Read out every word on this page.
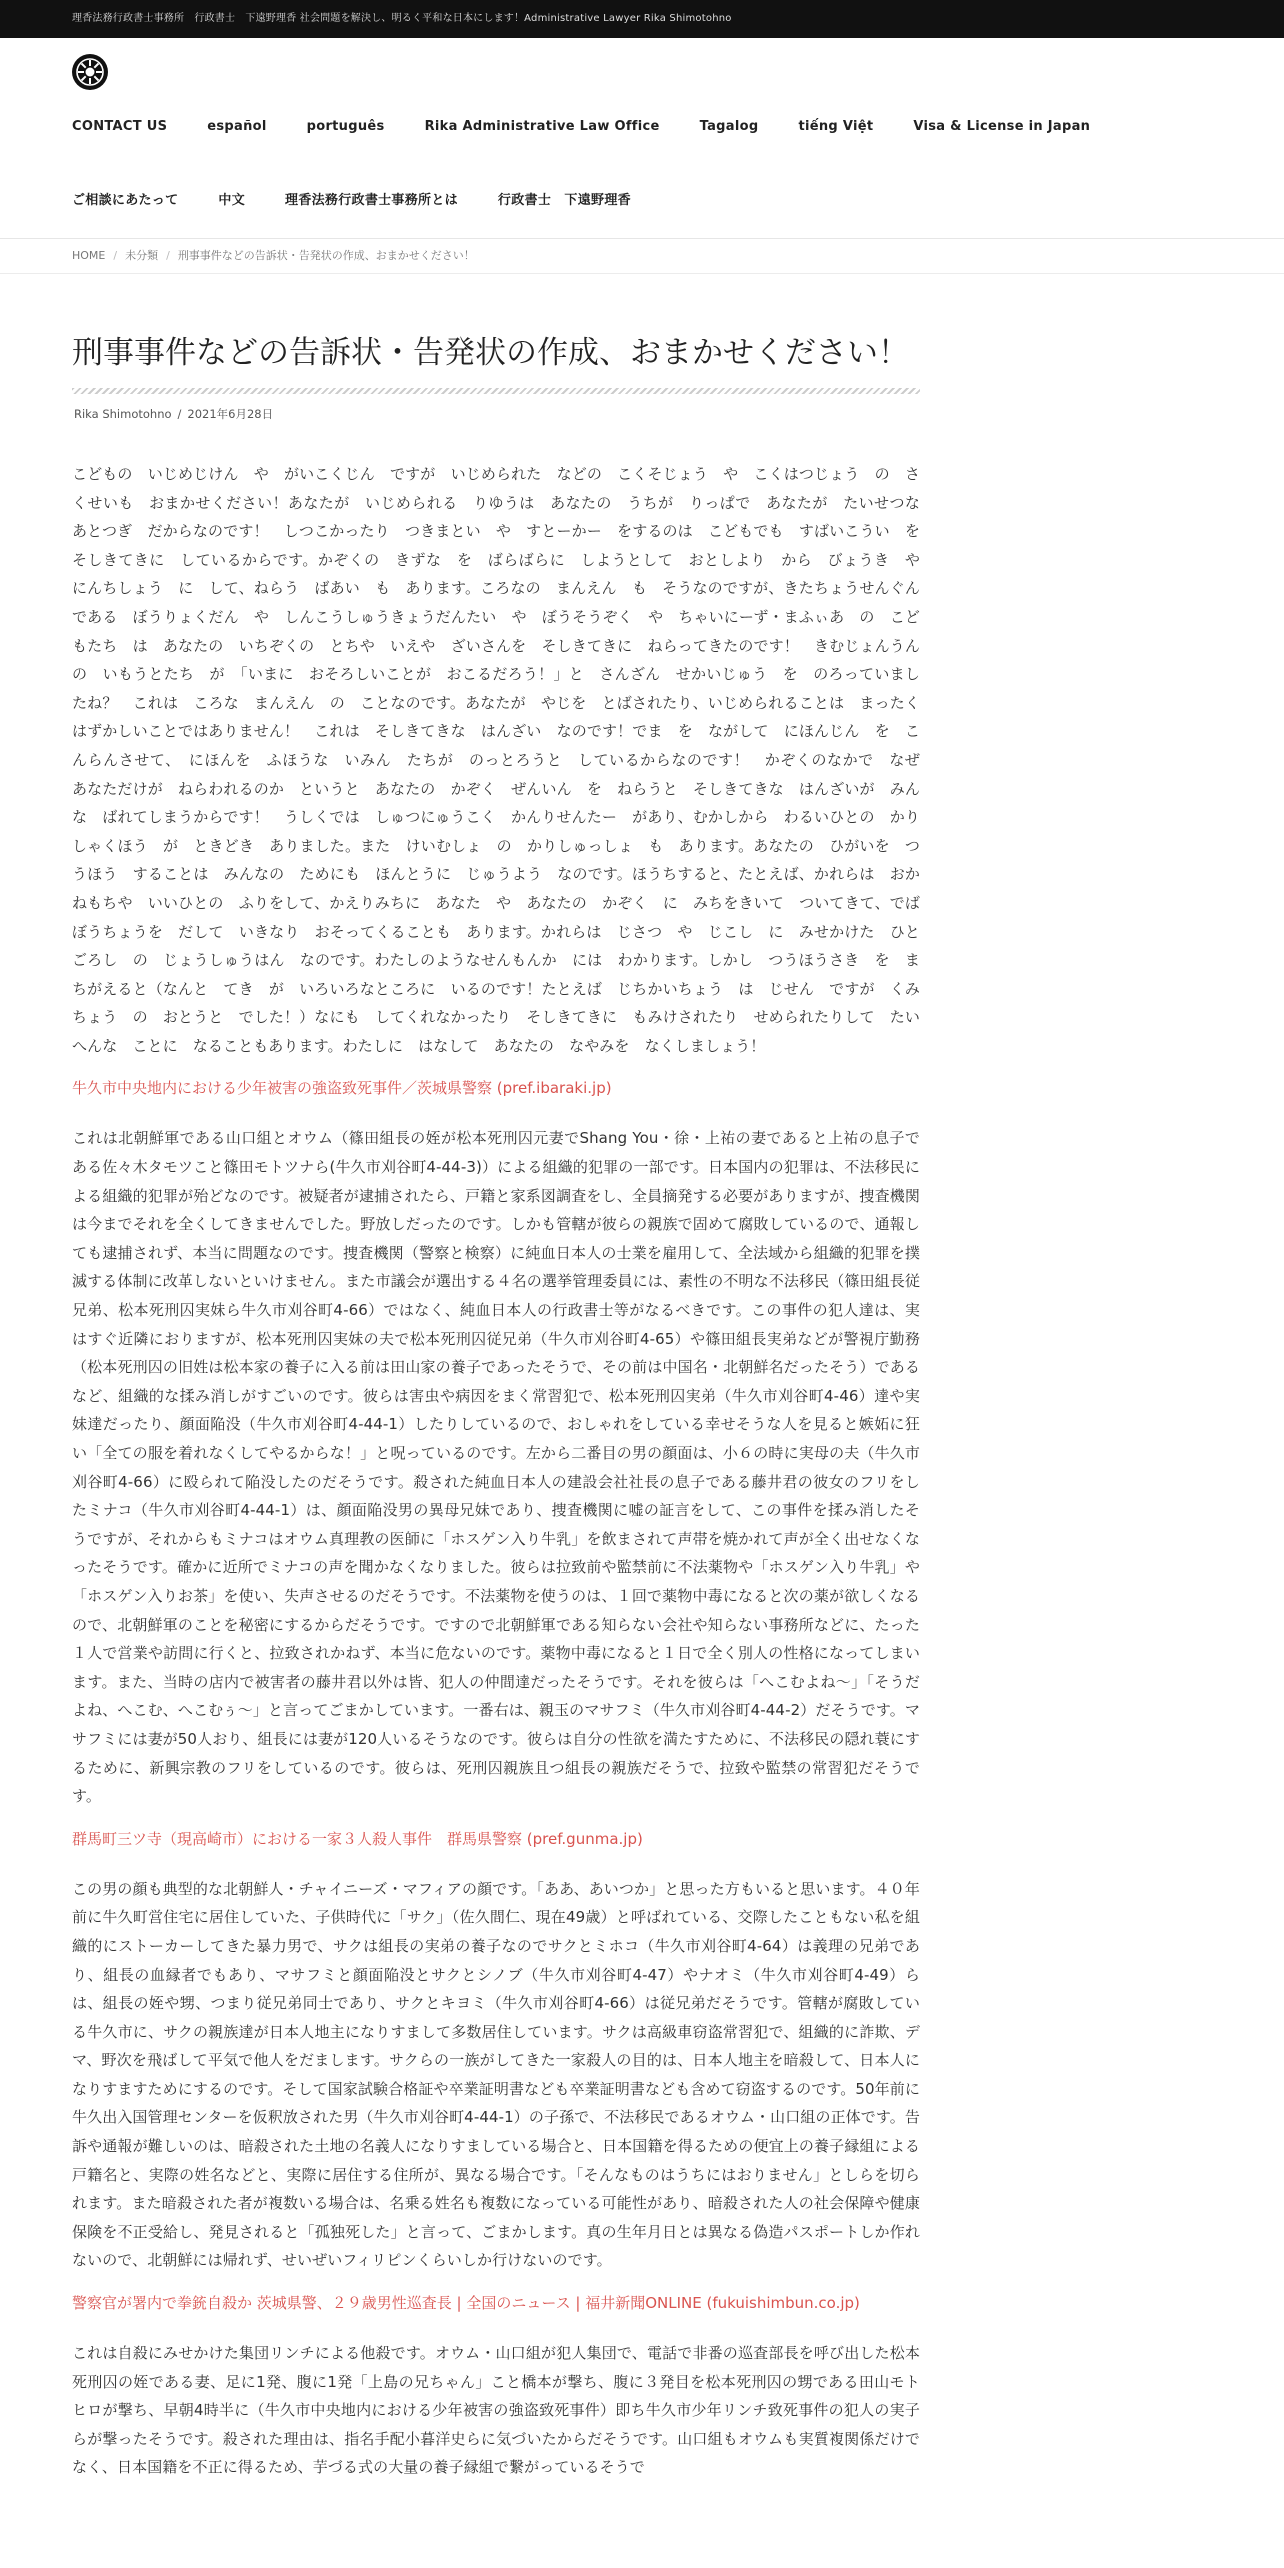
理香法務行政書士事務所　行政書士　下遠野理香 社会問題を解決し、明るく平和な日本にします！Administrative Lawyer Rika Shimotohno
CONTACT US	español	português	Rika Administrative Law Office	Tagalog	tiếng Việt	Visa & License in Japan
ご相談にあたって	中文	理香法務行政書士事務所とは	行政書士　下遠野理香
HOME / 未分類 / 刑事事件などの告訴状・告発状の作成、おまかせください！
刑事事件などの告訴状・告発状の作成、おまかせください！
Rika Shimotohno / 2021年6月28日

こどもの　いじめじけん　や　がいこくじん　ですが　いじめられた　などの　こくそじょう　や　こくはつじょう　の　さくせいも　おまかせください！あなたが　いじめられる　りゆうは　あなたの　うちが　りっぱで　あなたが　たいせつな　あとつぎ　だからなのです！　しつこかったり　つきまとい　や　すとーかー　をするのは　こどもでも　すばいこうい　を　そしきてきに　しているからです。かぞくの　きずな　を　ばらばらに　しようとして　おとしより　から　びょうき　や　にんちしょう　に　して、ねらう　ばあい　も　あります。ころなの　まんえん　も　そうなのですが、きたちょうせんぐん　である　ぼうりょくだん　や　しんこうしゅうきょうだんたい　や　ぼうそうぞく　や　ちゃいにーず・まふぃあ　の　こどもたち　は　あなたの　いちぞくの　とちや　いえや　ざいさんを　そしきてきに　ねらってきたのです！　きむじょんうん　の　いもうとたち　が　「いまに　おそろしいことが　おこるだろう！」と　さんざん　せかいじゅう　を　のろっていましたね？　これは　ころな　まんえん　の　ことなのです。あなたが　やじを　とばされたり、いじめられることは　まったく　はずかしいことではありません！　これは　そしきてきな　はんざい　なのです！でま　を　ながして　にほんじん　を　こんらんさせて、　にほんを　ふほうな　いみん　たちが　のっとろうと　しているからなのです！　かぞくのなかで　なぜ　あなただけが　ねらわれるのか　というと　あなたの　かぞく　ぜんいん　を　ねらうと　そしきてきな　はんざいが　みんな　ばれてしまうからです！　うしくでは　しゅつにゅうこく　かんりせんたー　があり、むかしから　わるいひとの　かりしゃくほう　が　ときどき　ありました。また　けいむしょ　の　かりしゅっしょ　も　あります。あなたの　ひがいを　つうほう　することは　みんなの　ためにも　ほんとうに　じゅうよう　なのです。ほうちすると、たとえば、かれらは　おかねもちや　いいひとの　ふりをして、かえりみちに　あなた　や　あなたの　かぞく　に　みちをきいて　ついてきて、でばぼうちょうを　だして　いきなり　おそってくることも　あります。かれらは　じさつ　や　じこし　に　みせかけた　ひとごろし　の　じょうしゅうはん　なのです。わたしのようなせんもんか　には　わかります。しかし　つうほうさき　を　まちがえると（なんと　てき　が　いろいろなところに　いるのです！たとえば　じちかいちょう　は　じせん　ですが　くみちょう　の　おとうと　でした！）なにも　してくれなかったり　そしきてきに　もみけされたり　せめられたりして　たいへんな　ことに　なることもあります。わたしに　はなして　あなたの　なやみを　なくしましょう！

牛久市中央地内における少年被害の強盗致死事件／茨城県警察 (pref.ibaraki.jp)

これは北朝鮮軍である山口組とオウム（篠田組長の姪が松本死刑囚元妻でShang You・徐・上祐の妻であると上祐の息子である佐々木タモツこと篠田モトツナら(牛久市刈谷町4-44-3)）による組織的犯罪の一部です。日本国内の犯罪は、不法移民による組織的犯罪が殆どなのです。被疑者が逮捕されたら、戸籍と家系図調査をし、全員摘発する必要がありますが、捜査機関は今までそれを全くしてきませんでした。野放しだったのです。しかも管轄が彼らの親族で固めて腐敗しているので、通報しても逮捕されず、本当に問題なのです。捜査機関（警察と検察）に純血日本人の士業を雇用して、全法域から組織的犯罪を撲滅する体制に改革しないといけません。また市議会が選出する４名の選挙管理委員には、素性の不明な不法移民（篠田組長従兄弟、松本死刑囚実妹ら牛久市刈谷町4-66）ではなく、純血日本人の行政書士等がなるべきです。この事件の犯人達は、実はすぐ近隣におりますが、松本死刑囚実妹の夫で松本死刑囚従兄弟（牛久市刈谷町4-65）や篠田組長実弟などが警視庁勤務（松本死刑囚の旧姓は松本家の養子に入る前は田山家の養子であったそうで、その前は中国名・北朝鮮名だったそう）であるなど、組織的な揉み消しがすごいのです。彼らは害虫や病因をまく常習犯で、松本死刑囚実弟（牛久市刈谷町4-46）達や実妹達だったり、顔面陥没（牛久市刈谷町4-44-1）したりしているので、おしゃれをしている幸せそうな人を見ると嫉妬に狂い「全ての服を着れなくしてやるからな！」と呪っているのです。左から二番目の男の顔面は、小６の時に実母の夫（牛久市刈谷町4-66）に殴られて陥没したのだそうです。殺された純血日本人の建設会社社長の息子である藤井君の彼女のフリをしたミナコ（牛久市刈谷町4-44-1）は、顔面陥没男の異母兄妹であり、捜査機関に嘘の証言をして、この事件を揉み消したそうですが、それからもミナコはオウム真理教の医師に「ホスゲン入り牛乳」を飲まされて声帯を焼かれて声が全く出せなくなったそうです。確かに近所でミナコの声を聞かなくなりました。彼らは拉致前や監禁前に不法薬物や「ホスゲン入り牛乳」や「ホスゲン入りお茶」を使い、失声させるのだそうです。不法薬物を使うのは、１回で薬物中毒になると次の薬が欲しくなるので、北朝鮮軍のことを秘密にするからだそうです。ですので北朝鮮軍である知らない会社や知らない事務所などに、たった１人で営業や訪問に行くと、拉致されかねず、本当に危ないのです。薬物中毒になると１日で全く別人の性格になってしまいます。また、当時の店内で被害者の藤井君以外は皆、犯人の仲間達だったそうです。それを彼らは「へこむよね～」「そうだよね、へこむ、へこむぅ～」と言ってごまかしています。一番右は、親玉のマサフミ（牛久市刈谷町4-44-2）だそうです。マサフミには妻が50人おり、組長には妻が120人いるそうなのです。彼らは自分の性欲を満たすために、不法移民の隠れ蓑にするために、新興宗教のフリをしているのです。彼らは、死刑囚親族且つ組長の親族だそうで、拉致や監禁の常習犯だそうです。

群馬町三ツ寺（現高崎市）における一家３人殺人事件　群馬県警察 (pref.gunma.jp)

この男の顔も典型的な北朝鮮人・チャイニーズ・マフィアの顔です。「ああ、あいつか」と思った方もいると思います。４０年前に牛久町営住宅に居住していた、子供時代に「サク」（佐久間仁、現在49歳）と呼ばれている、交際したこともない私を組織的にストーカーしてきた暴力男で、サクは組長の実弟の養子なのでサクとミホコ（牛久市刈谷町4-64）は義理の兄弟であり、組長の血縁者でもあり、マサフミと顔面陥没とサクとシノブ（牛久市刈谷町4-47）やナオミ（牛久市刈谷町4-49）らは、組長の姪や甥、つまり従兄弟同士であり、サクとキヨミ（牛久市刈谷町4-66）は従兄弟だそうです。管轄が腐敗している牛久市に、サクの親族達が日本人地主になりすまして多数居住しています。サクは高級車窃盗常習犯で、組織的に詐欺、デマ、野次を飛ばして平気で他人をだまします。サクらの一族がしてきた一家殺人の目的は、日本人地主を暗殺して、日本人になりすますためにするのです。そして国家試験合格証や卒業証明書なども卒業証明書なども含めて窃盗するのです。50年前に牛久出入国管理センターを仮釈放された男（牛久市刈谷町4-44-1）の子孫で、不法移民であるオウム・山口組の正体です。告訴や通報が難しいのは、暗殺された土地の名義人になりすましている場合と、日本国籍を得るための便宜上の養子縁組による戸籍名と、実際の姓名などと、実際に居住する住所が、異なる場合です。「そんなものはうちにはおりません」としらを切られます。また暗殺された者が複数いる場合は、名乗る姓名も複数になっている可能性があり、暗殺された人の社会保障や健康保険を不正受給し、発見されると「孤独死した」と言って、ごまかします。真の生年月日とは異なる偽造パスポートしか作れないので、北朝鮮には帰れず、せいぜいフィリピンくらいしか行けないのです。

警察官が署内で拳銃自殺か 茨城県警、２９歳男性巡査長 | 全国のニュース | 福井新聞ONLINE (fukuishimbun.co.jp)

これは自殺にみせかけた集団リンチによる他殺です。オウム・山口組が犯人集団で、電話で非番の巡査部長を呼び出した松本死刑囚の姪である妻、足に1発、腹に1発「上島の兄ちゃん」こと橋本が撃ち、腹に３発目を松本死刑囚の甥である田山モトヒロが撃ち、早朝4時半に（牛久市中央地内における少年被害の強盗致死事件）即ち牛久市少年リンチ致死事件の犯人の実子らが撃ったそうです。殺された理由は、指名手配小暮洋史らに気づいたからだそうです。山口組もオウムも実質複関係だけでなく、日本国籍を不正に得るため、芋づる式の大量の養子縁組で繋がっているそうで
